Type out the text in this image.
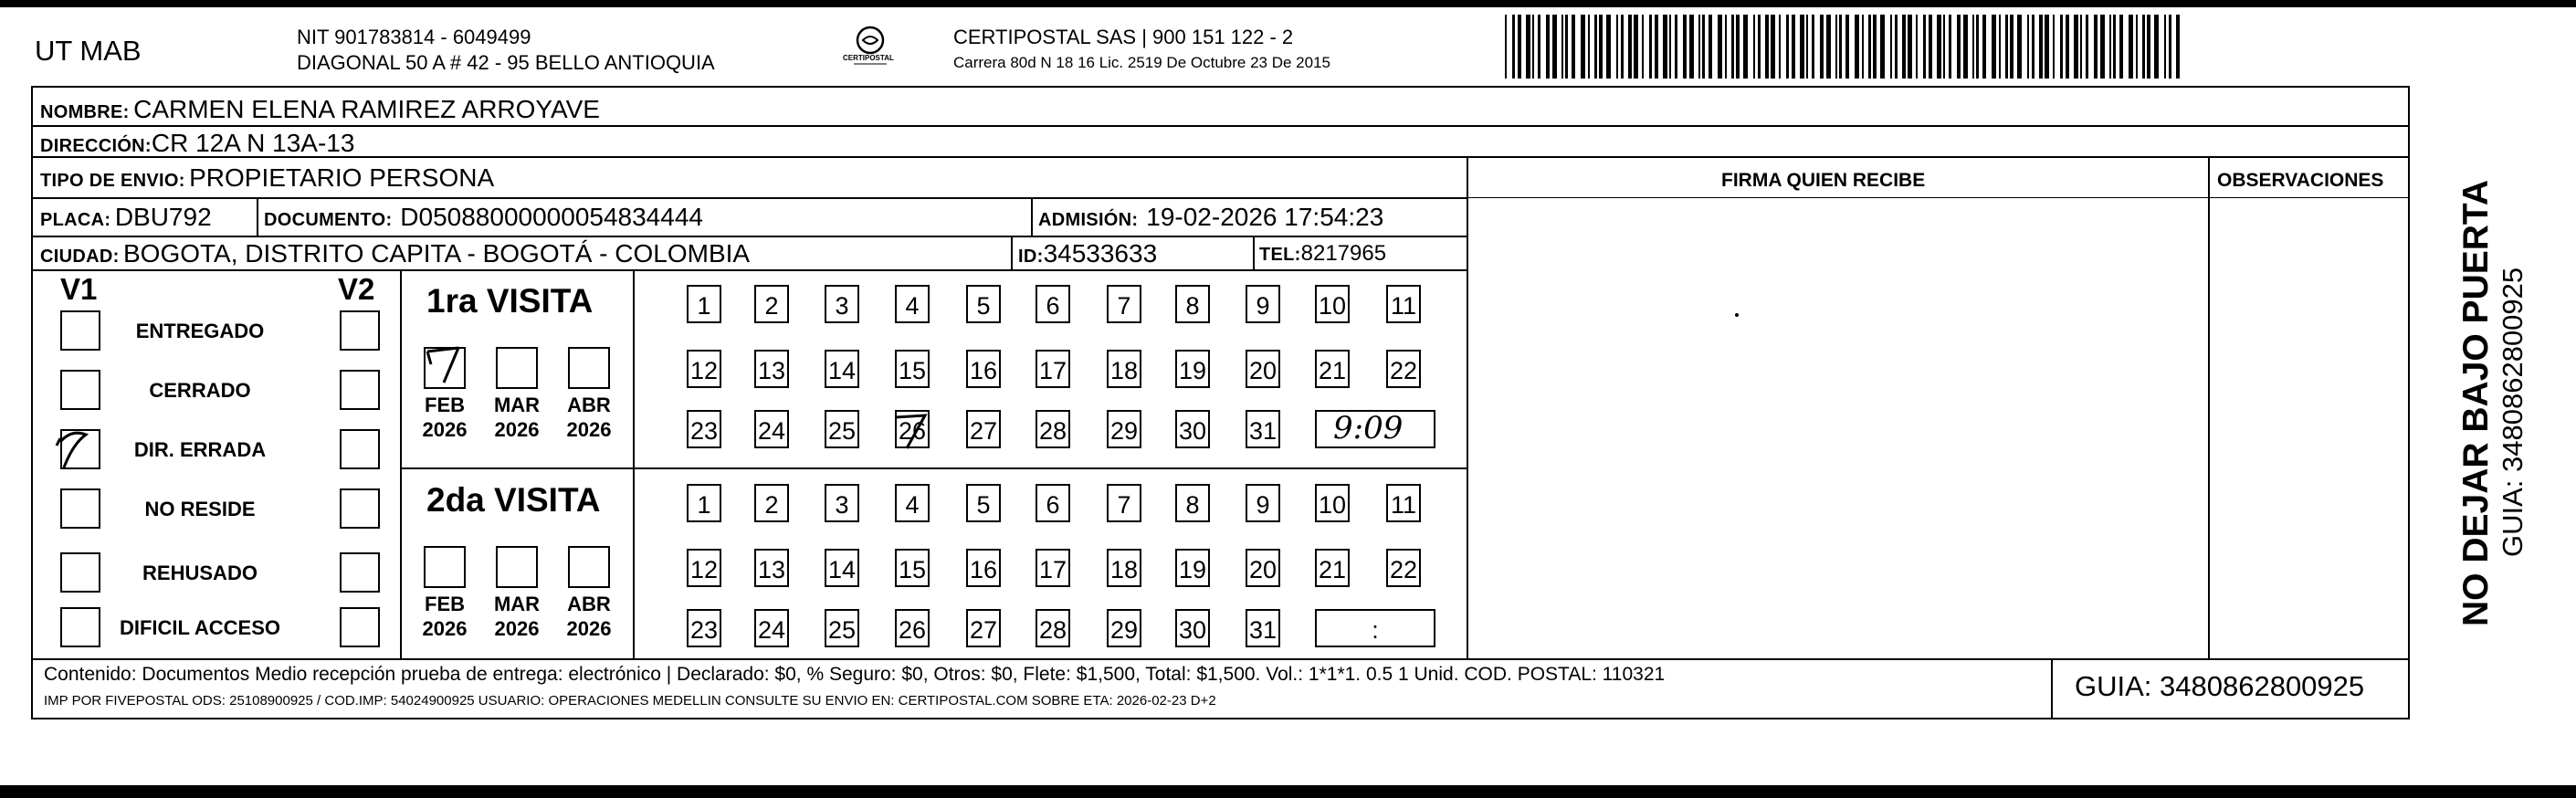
UT MAB	NIT 901783814 - 6049499
DIAGONAL 50 A # 42 - 95 BELLO ANTIOQUIA	CERTIPOSTAL
CERTIPOSTAL SAS | 900 151 122 - 2
Carrera 80d N 18 16 Lic. 2519 De Octubre 23 De 2015
NOMBRE: CARMEN ELENA RAMIREZ ARROYAVE
DIRECCIÓN:CR 12A N 13A-13
TIPO DE ENVIO: PROPIETARIO PERSONA
PLACA: DBU792	DOCUMENTO: D05088000000054834444	ADMISIÓN: 19-02-2026 17:54:23
CIUDAD: BOGOTA, DISTRITO CAPITA - BOGOTÁ - COLOMBIA	ID:34533633	TEL:8217965
FIRMA QUIEN RECIBE	OBSERVACIONES
V1	V2
ENTREGADO
CERRADO
DIR. ERRADA
NO RESIDE
REHUSADO
DIFICIL ACCESO
1ra VISITA
2da VISITA
1	2	3	4	5	6	7	8	9	10 11
12 13 14 15 16 17 18 19 20 21 22
23 24 25 26 27 28 29 30 31 9:09
FEB
2026
MAR
2026
ABR
2026
1	2	3	4	5	6	7	8	9	10 11
12 13 14 15 16 17 18 19 20 21 22
23 24 25 26 27 28 29 30 31	:
FEB
2026
MAR
2026
ABR
2026
Contenido: Documentos Medio recepción prueba de entrega: electrónico | Declarado: $0, % Seguro: $0, Otros: $0, Flete: $1,500, Total: $1,500. Vol.: 1*1*1. 0.5 1 Unid. COD. POSTAL: 110321
IMP POR FIVEPOSTAL ODS: 25108900925 / COD.IMP: 54024900925 USUARIO: OPERACIONES MEDELLIN CONSULTE SU ENVIO EN: CERTIPOSTAL.COM SOBRE ETA: 2026-02-23 D+2	GUIA: 3480862800925
NO DEJAR BAJO PUERTA GUIA: 3480862800925
